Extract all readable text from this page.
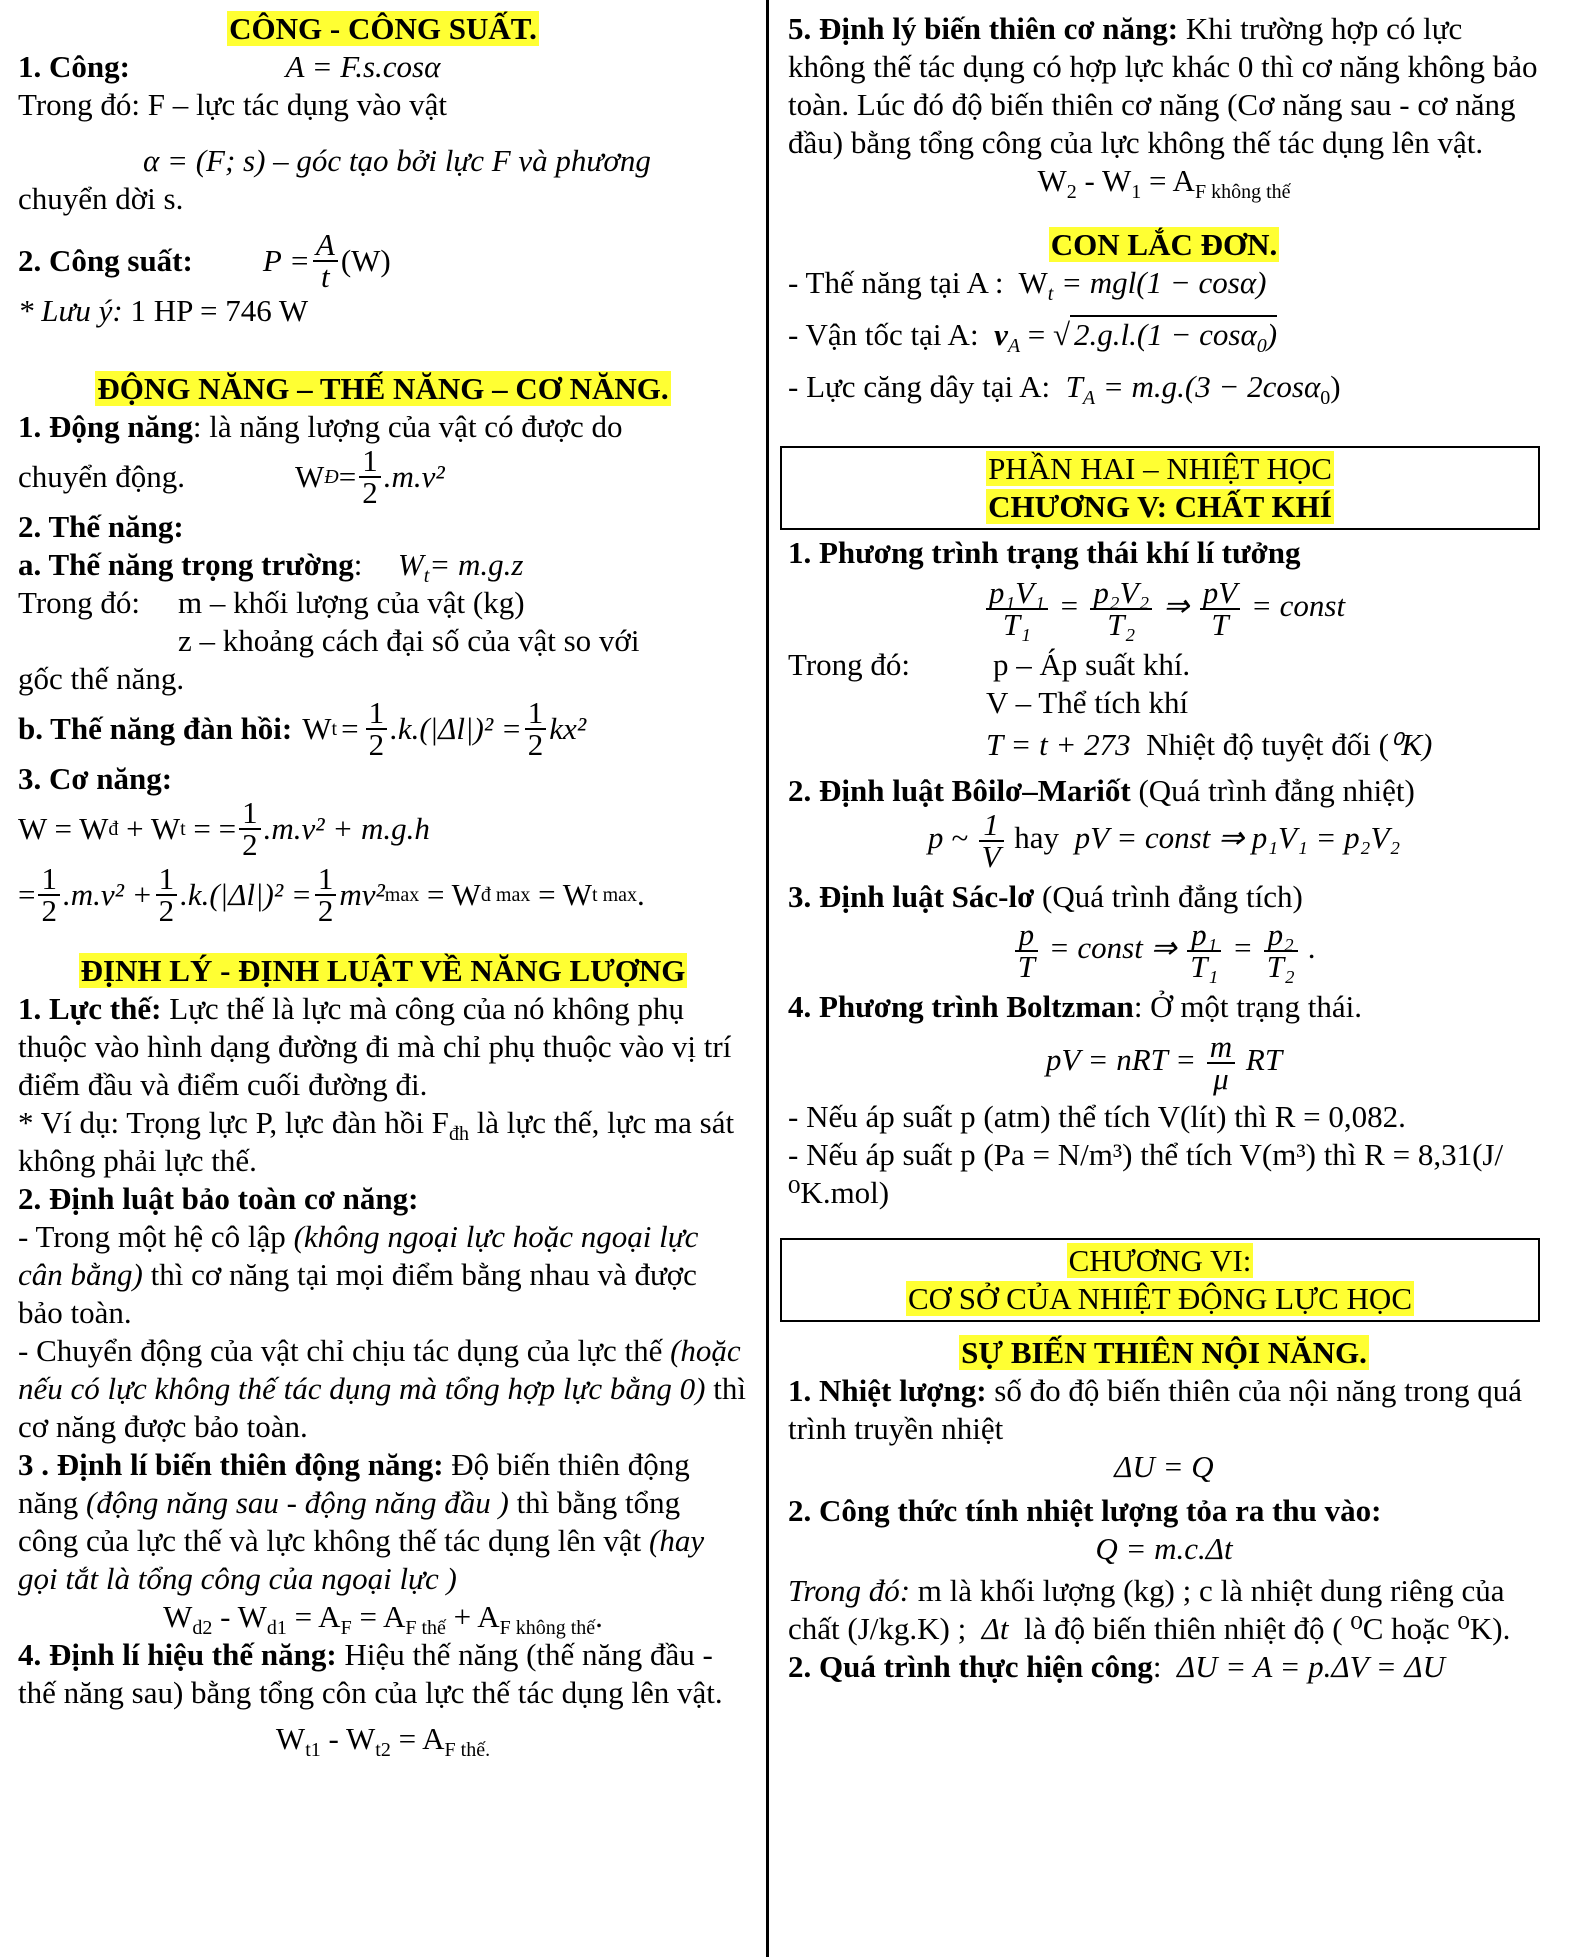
CÔNG - CÔNG SUẤT.

1. Công:	A = F.s.cosα

Trong đó: F – lực tác dụng vào vật

α = (F; s) – góc tạo bởi lực F và phương

chuyển dời s.

2. Công suất: $P = \frac{A}{t} (W)$

* Lưu ý: 1 HP = 746 W

ĐỘNG NĂNG – THẾ NĂNG – CƠ NĂNG.

1. Động năng: là năng lượng của vật có được do

chuyển động.	W Đ = $\frac{1}{2} .m.v^2$

2. Thế năng:

a. Thế năng trọng trường: $W_t= m.g.z$

Trong đó:	m – khối lượng của vật (kg)

z – khoảng cách đại số của vật so với

gốc thế năng.

b. Thế năng đàn hồi: W $t = \frac{1}{2} .k.(|\Delta l|)^2 = \frac{1}{2} kx^2$

3. Cơ năng:

W = W đ
+ W t
= = $\frac{1}{2} .m.v^2 + m.g.h$

= $\frac{1}{2} .m.v^2 + \frac{1}{2} .k.(|\Delta l|)^2 = \frac{1}{2} mv^2$ max
= W đ max
= W t max .

ĐỊNH LÝ - ĐỊNH LUẬT VỀ NĂNG LƯỢNG

1. Lực thế: Lực thế là lực mà công của nó không phụ thuộc vào hình dạng đường đi mà chỉ phụ thuộc vào vị trí điểm đầu và điểm cuối đường đi.

* Ví dụ: Trọng lực P, lực đàn hồi $F_{đh}$ là lực thế, lực ma sát không phải lực thế.

2. Định luật bảo toàn cơ năng:

- Trong một hệ cô lập (không ngoại lực hoặc ngoại lực cân bằng) thì cơ năng tại mọi điểm bằng nhau và được bảo toàn.

- Chuyển động của vật chỉ chịu tác dụng của lực thế (hoặc nếu có lực không thế tác dụng mà tổng hợp lực bằng 0) thì cơ năng được bảo toàn.

3 . Định lí biến thiên động năng: Độ biến thiên động năng (động năng sau - động năng đầu ) thì bằng tổng công của lực thế và lực không thế tác dụng lên vật (hay gọi tắt là tổng công của ngoại lực )

$W_{d2} - W_{d1} = A_F = A_{F thế} + A_{F không thế}$.

4. Định lí hiệu thế năng: Hiệu thế năng (thế năng đầu - thế năng sau) bằng tổng côn của lực thế tác dụng lên vật.

$W_{t1} - W_{t2} = A_{F thế.}$

5. Định lý biến thiên cơ năng: Khi trường hợp có lực không thế tác dụng có hợp lực khác 0 thì cơ năng không bảo toàn. Lúc đó độ biến thiên cơ năng (Cơ năng sau - cơ năng đầu) bằng tổng công của lực không thế tác dụng lên vật.

$W_2 - W_1 = A_{F không thế}$

CON LẮC ĐƠN.

- Thế năng tại A : $W_t = mgl(1 - \cos\alpha)$

- Vận tốc tại A: $v_A$ = √ 2.g.l.(1 − cosα$_0$)

- Lực căng dây tại A: $T_A = m.g.(3 - 2\cos\alpha_0)$

PHẦN HAI – NHIỆT HỌC
CHƯƠNG V: CHẤT KHÍ

1. Phương trình trạng thái khí lí tưởng

$\frac{\text{p₁V₁}}{\text{T₁}} = \frac{\text{p₂V₂}}{\text{T₂}}$ ⇒ $\frac{pV}{T}$ = const

Trong đó:	p – Áp suất khí.

V – Thể tích khí

T = t + 273 Nhiệt độ tuyệt đối (⁰K)

2. Định luật Bôilơ–Mariốt (Quá trình đẳng nhiệt)

p ~ $\frac{1}{V}$ hay pV = const ⇒ p₁V₁ = p₂V₂

3. Định luật Sác-lơ (Quá trình đẳng tích)

$\frac{p}{T}$ = const ⇒ $\frac{\text{p₁}}{\text{T₁}} = \frac{\text{p₂}}{\text{T₂}}$ .

4. Phương trình Boltzman: Ở một trạng thái.

pV = nRT = $\frac{m}{\mu}$ RT

- Nếu áp suất p (atm) thể tích V(lít) thì R = 0,082.

- Nếu áp suất p (Pa = N/m³) thể tích V(m³) thì R = 8,31(J/⁰K.mol)

CHƯƠNG VI:
CƠ SỞ CỦA NHIỆT ĐỘNG LỰC HỌC

SỰ BIẾN THIÊN NỘI NĂNG.

1. Nhiệt lượng: số đo độ biến thiên của nội năng trong quá trình truyền nhiệt

ΔU = Q

2. Công thức tính nhiệt lượng tỏa ra thu vào:

Q = m.c.Δt

Trong đó: m là khối lượng (kg) ; c là nhiệt dung riêng của chất (J/kg.K) ; Δt là độ biến thiên nhiệt độ ( ⁰C hoặc ⁰K).

2. Quá trình thực hiện công: ΔU = A = p.ΔV = ΔU
